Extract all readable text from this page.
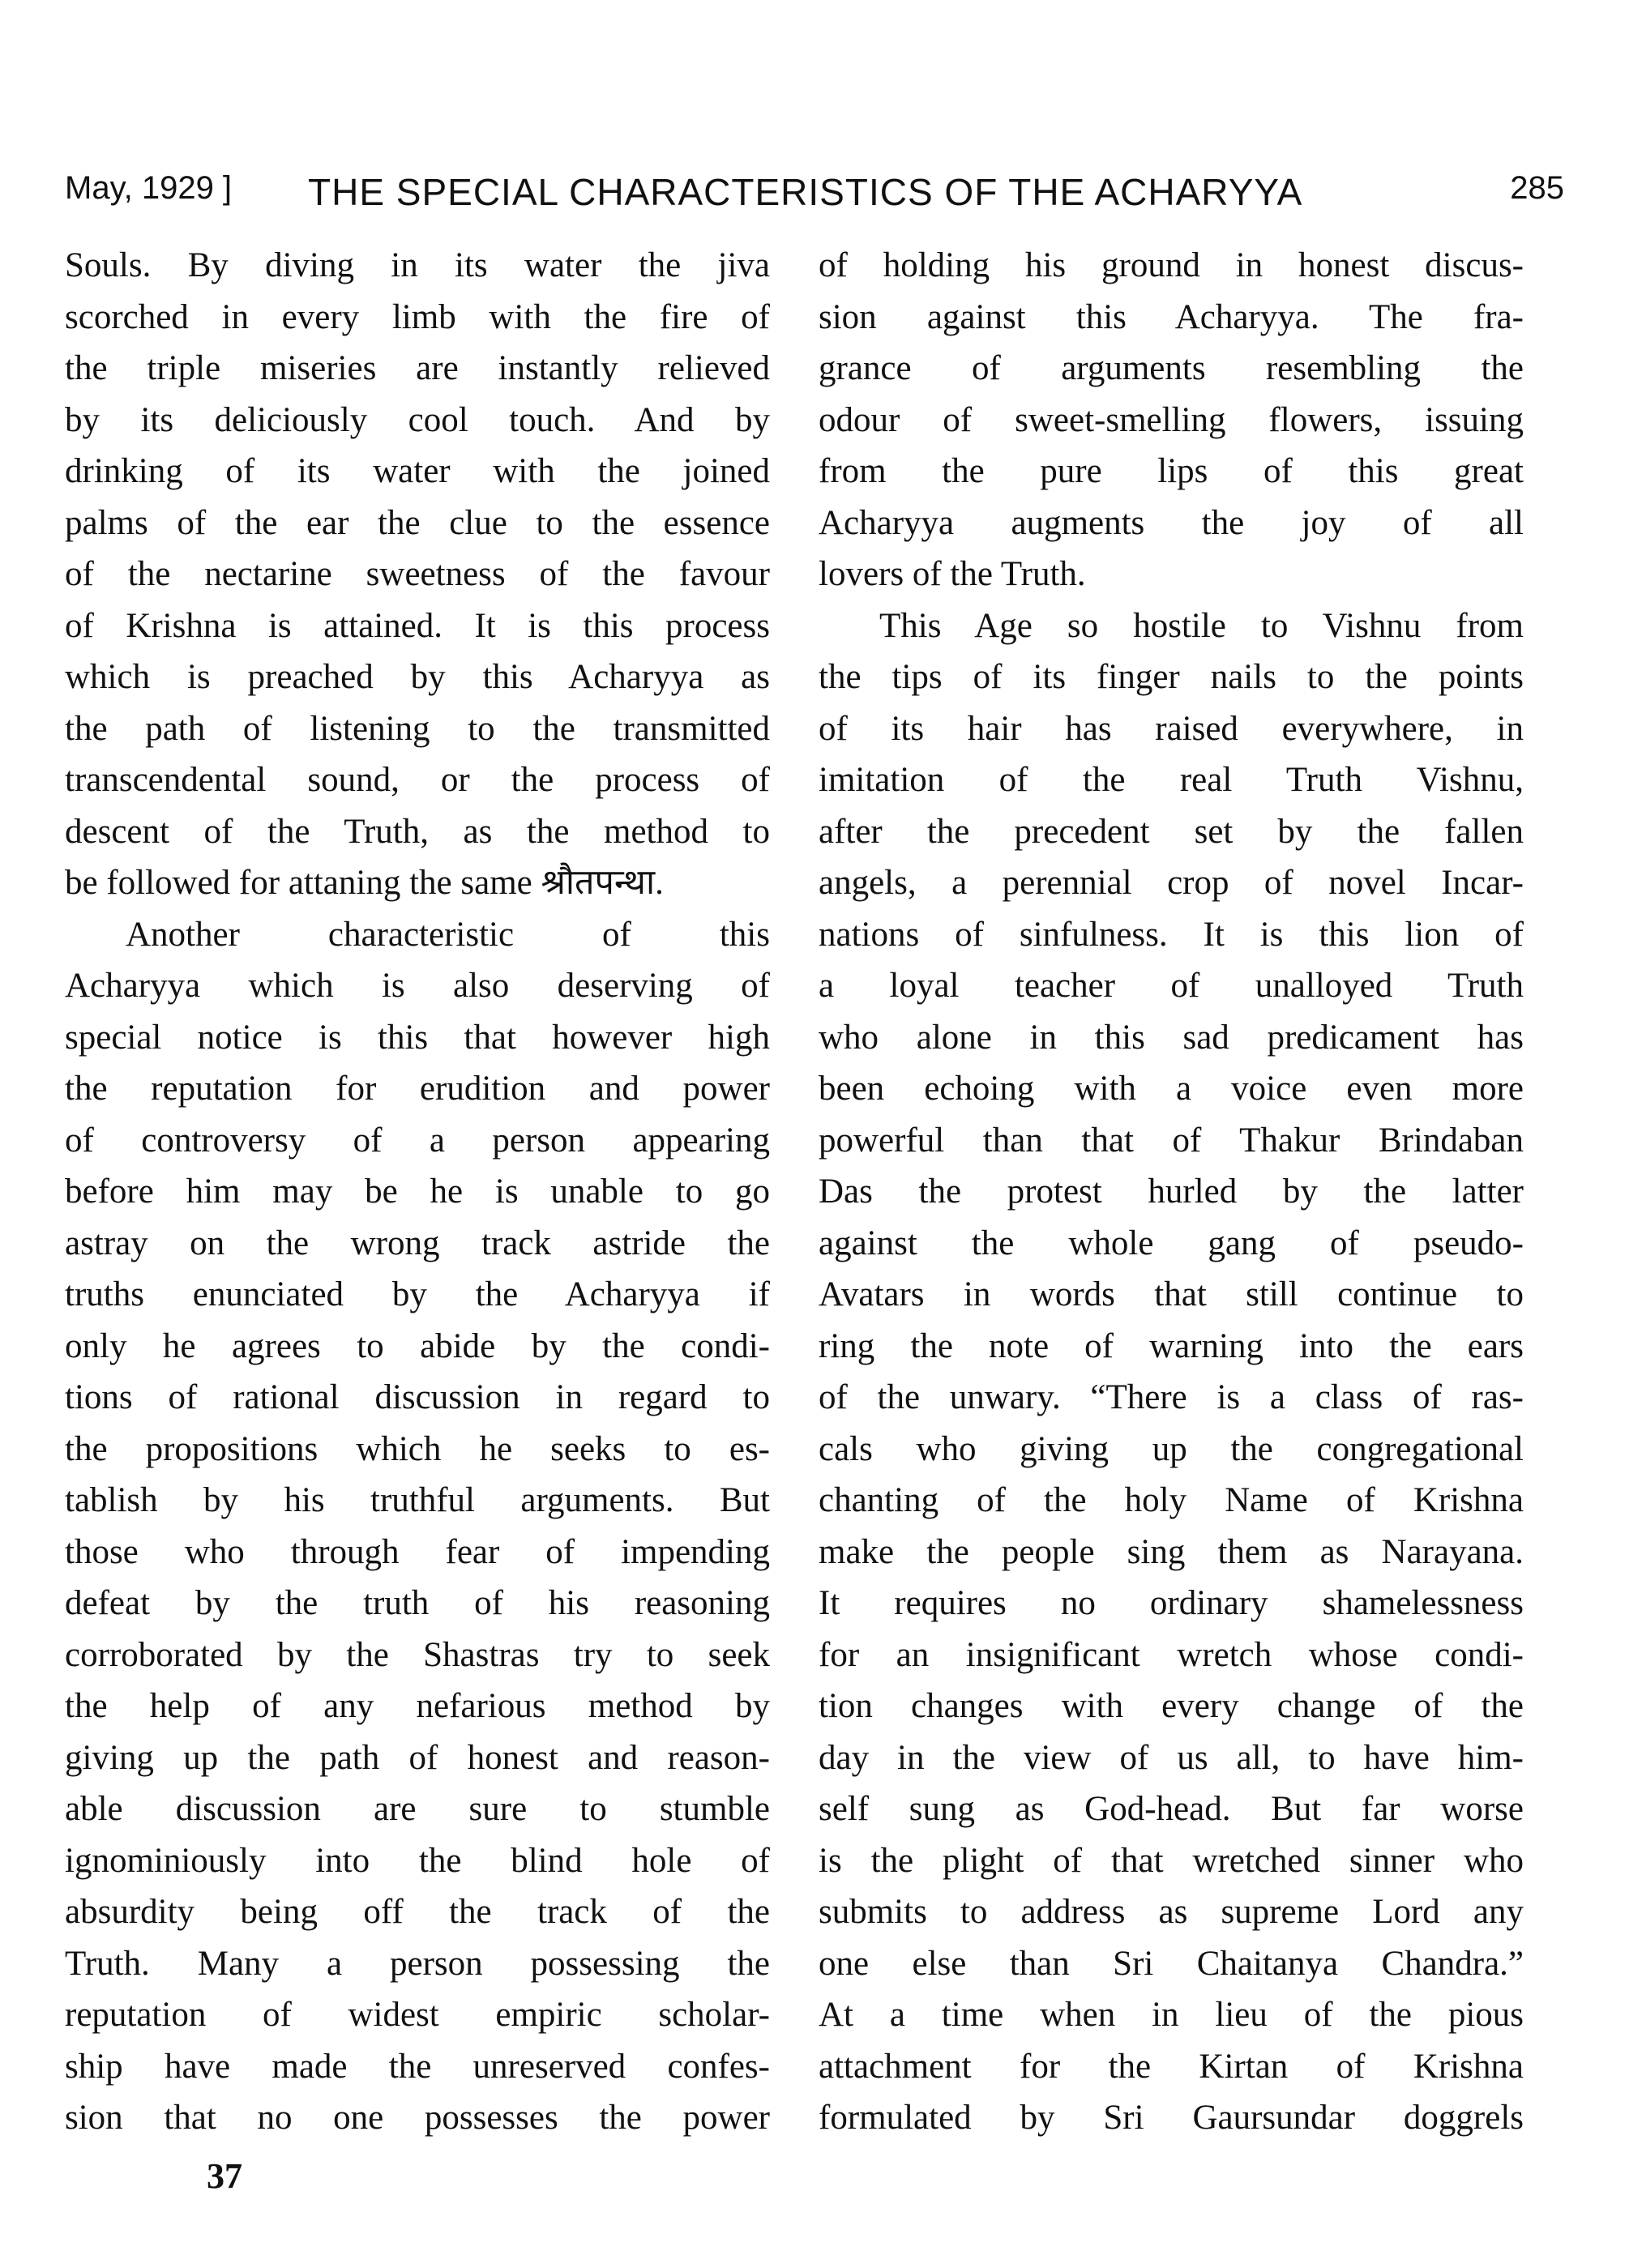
May, 1929 ] THE SPECIAL CHARACTERISTICS OF THE ACHARYYA	285
Souls. By diving in its water the jiva
scorched in every limb with the fire of
the triple miseries are instantly relieved
by its deliciously cool touch. And by
drinking of its water with the joined
palms of the ear the clue to the essence
of the nectarine sweetness of the favour
of Krishna is attained. It is this process
which is preached by this Acharyya as
the path of listening to the transmitted
transcendental sound, or the process of
descent of the Truth, as the method to
be followed for attaning the same श्रौतपन्था.
Another characteristic of this
Acharyya which is also deserving of
special notice is this that however high
the reputation for erudition and power
of controversy of a person appearing
before him may be he is unable to go
astray on the wrong track astride the
truths enunciated by the Acharyya if
only he agrees to abide by the condi-
tions of rational discussion in regard to
the propositions which he seeks to es-
tablish by his truthful arguments. But
those who through fear of impending
defeat by the truth of his reasoning
corroborated by the Shastras try to seek
the help of any nefarious method by
giving up the path of honest and reason-
able discussion are sure to stumble
ignominiously into the blind hole of
absurdity being off the track of the
Truth. Many a person possessing the
reputation of widest empiric scholar-
ship have made the unreserved confes-
sion that no one possesses the power
of holding his ground in honest discus-
sion against this Acharyya. The fra-
grance of arguments resembling the
odour of sweet-smelling flowers, issuing
from the pure lips of this great
Acharyya augments the joy of all
lovers of the Truth.
This Age so hostile to Vishnu from
the tips of its finger nails to the points
of its hair has raised everywhere, in
imitation of the real Truth Vishnu,
after the precedent set by the fallen
angels, a perennial crop of novel Incar-
nations of sinfulness. It is this lion of
a loyal teacher of unalloyed Truth
who alone in this sad predicament has
been echoing with a voice even more
powerful than that of Thakur Brindaban
Das the protest hurled by the latter
against the whole gang of pseudo-
Avatars in words that still continue to
ring the note of warning into the ears
of the unwary. “There is a class of ras-
cals who giving up the congregational
chanting of the holy Name of Krishna
make the people sing them as Narayana.
It requires no ordinary shamelessness
for an insignificant wretch whose condi-
tion changes with every change of the
day in the view of us all, to have him-
self sung as God-head. But far worse
is the plight of that wretched sinner who
submits to address as supreme Lord any
one else than Sri Chaitanya Chandra.”
At a time when in lieu of the pious
attachment for the Kirtan of Krishna
formulated by Sri Gaursundar doggrels
37
